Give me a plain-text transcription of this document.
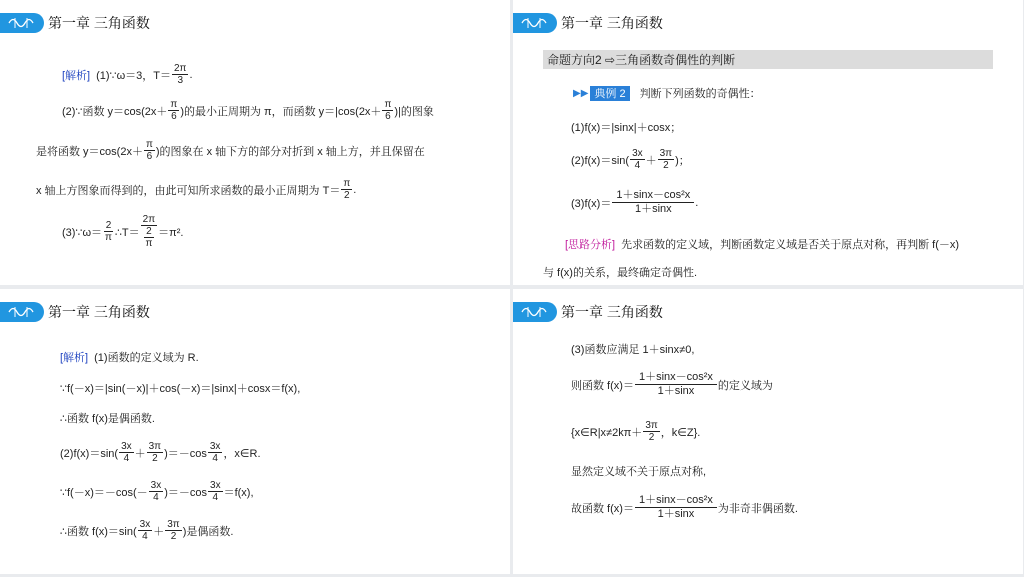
第一章 三角函数
[解析] (1)∵ω＝3，$T= \frac{2\pi}{3}$ .
(2)∵函数 $y=\cos(2x+ \frac{\pi}{6}$ )的最小正周期为 π，而函数 $y=|\cos(2x+ \frac{\pi}{6}$ )|的图象
是将函数 $y=\cos(2x+ \frac{\pi}{6}$ )的图象在 x 轴下方的部分对折到 x 轴上方，并且保留在
x 轴上方图象而得到的，由此可知所求函数的最小正周期为 $T= \frac{\pi}{2}$ .
(3)∵ω＝ $\frac{2}{\pi}$ ∴T＝ $\frac{2\pi}{\frac{2}{\pi}} =\pi^2$.
第一章 三角函数
命题方向2 ⇨三角函数奇偶性的判断
▶▶ 典例 2	判断下列函数的奇偶性：
(1)f(x)＝|sinx|＋cosx；
$(2)f(x)=\sin( \frac{3x}{4} + \frac{3\pi}{2}$ )；
$(3)f(x)= \frac{\text{1＋sinx－cos²x}}{1+\sin x}$ .
[思路分析] 先求函数的定义域，判断函数定义域是否关于原点对称，再判断 f(－x)
与 f(x)的关系，最终确定奇偶性.
第一章 三角函数
[解析] (1)函数的定义域为 R.
∵f(－x)＝|sin(－x)|＋cos(－x)＝|sinx|＋cosx＝f(x),
∴函数 f(x)是偶函数.
$(2)f(x)=\sin( \frac{3x}{4} + \frac{3\pi}{2} )=-\cos \frac{3x}{4}$ ，x∈R.
∵f(－x)＝－cos(－ $\frac{3x}{4} )=-\cos \frac{3x}{4} =f(x)$,
∴函数 $f(x)=\sin( \frac{3x}{4} + \frac{3\pi}{2}$ )是偶函数.
第一章 三角函数
(3)函数应满足 1＋sinx≠0,
则函数 $f(x)= \frac{\text{1＋sinx－cos²x}}{1+\sin x}$ 的定义域为
{x∈R|x≠2kπ＋ $\frac{3\pi}{2}$ ，k∈Z}.
显然定义域不关于原点对称,
故函数 $f(x)= \frac{\text{1＋sinx－cos²x}}{1+\sin x}$ 为非奇非偶函数.
